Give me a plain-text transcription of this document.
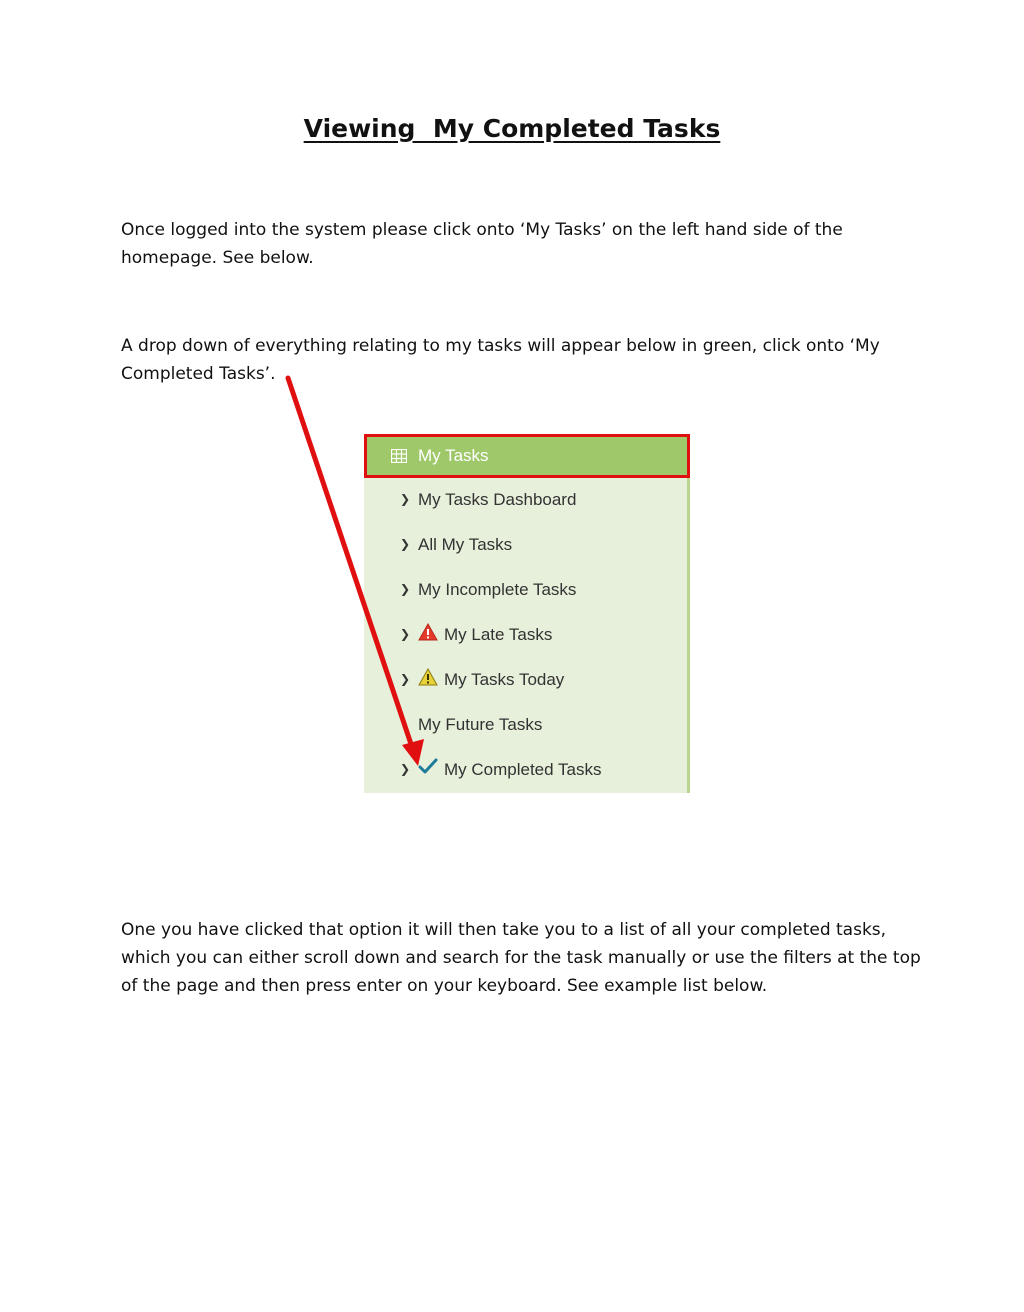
Viewing  My Completed Tasks
Once logged into the system please click onto ‘My Tasks’ on the left hand side of the homepage. See below.
A drop down of everything relating to my tasks will appear below in green, click onto ‘My Completed Tasks’.
My Tasks
❯ My Tasks Dashboard
❯ All My Tasks
❯ My Incomplete Tasks
❯ My Late Tasks
❯ My Tasks Today
My Future Tasks
❯ My Completed Tasks
One you have clicked that option it will then take you to a list of all your completed tasks, which you can either scroll down and search for the task manually or use the filters at the top of the page and then press enter on your keyboard. See example list below.
